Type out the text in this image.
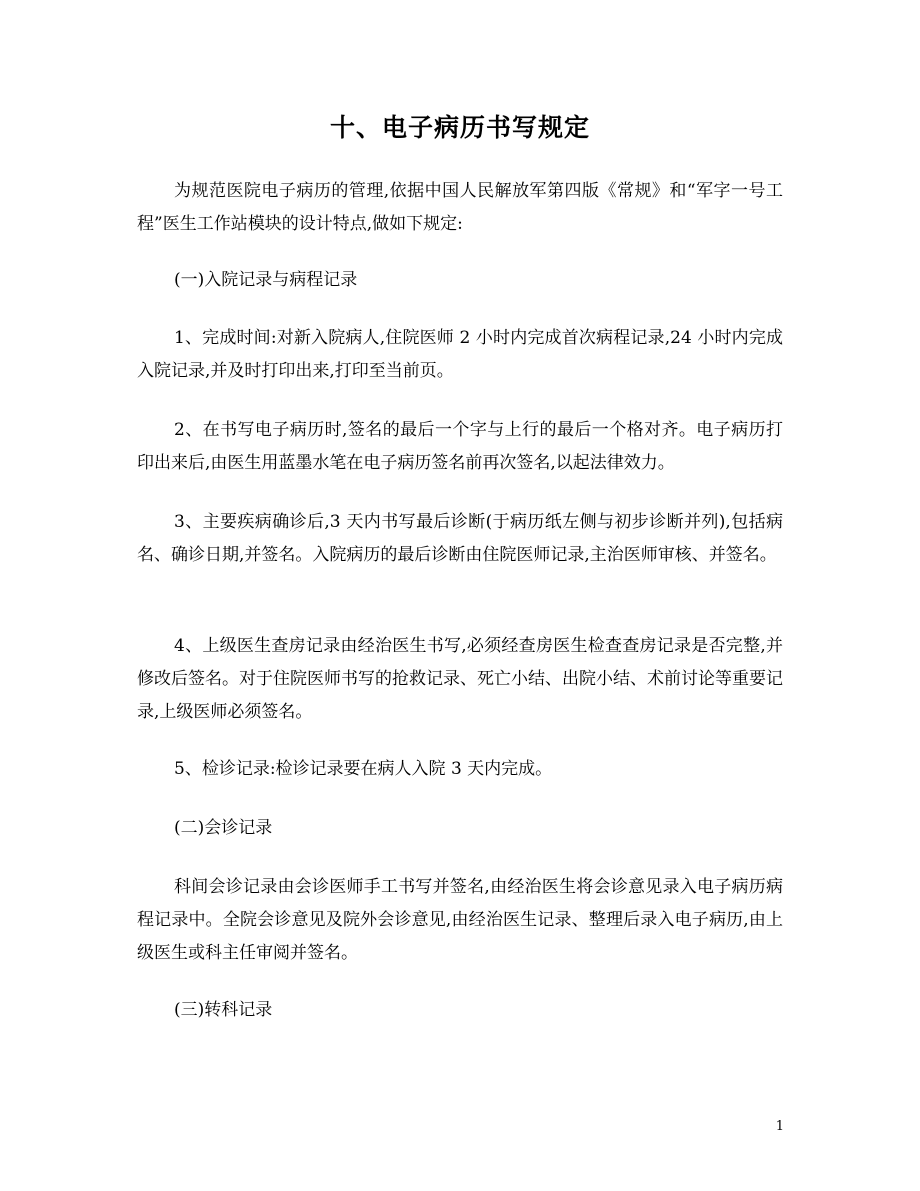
十、电子病历书写规定

为规范医院电子病历的管理,依据中国人民解放军第四版《常规》和“军字一号工程”医生工作站模块的设计特点,做如下规定:

(一)入院记录与病程记录

1、完成时间:对新入院病人,住院医师 2 小时内完成首次病程记录,24 小时内完成入院记录,并及时打印出来,打印至当前页。

2、在书写电子病历时,签名的最后一个字与上行的最后一个格对齐。电子病历打印出来后,由医生用蓝墨水笔在电子病历签名前再次签名,以起法律效力。

3、主要疾病确诊后,3 天内书写最后诊断(于病历纸左侧与初步诊断并列),包括病名、确诊日期,并签名。入院病历的最后诊断由住院医师记录,主治医师审核、并签名。

4、上级医生查房记录由经治医生书写,必须经查房医生检查查房记录是否完整,并修改后签名。对于住院医师书写的抢救记录、死亡小结、出院小结、术前讨论等重要记录,上级医师必须签名。

5、检诊记录:检诊记录要在病人入院 3 天内完成。

(二)会诊记录

科间会诊记录由会诊医师手工书写并签名,由经治医生将会诊意见录入电子病历病程记录中。全院会诊意见及院外会诊意见,由经治医生记录、整理后录入电子病历,由上级医生或科主任审阅并签名。

(三)转科记录

1
